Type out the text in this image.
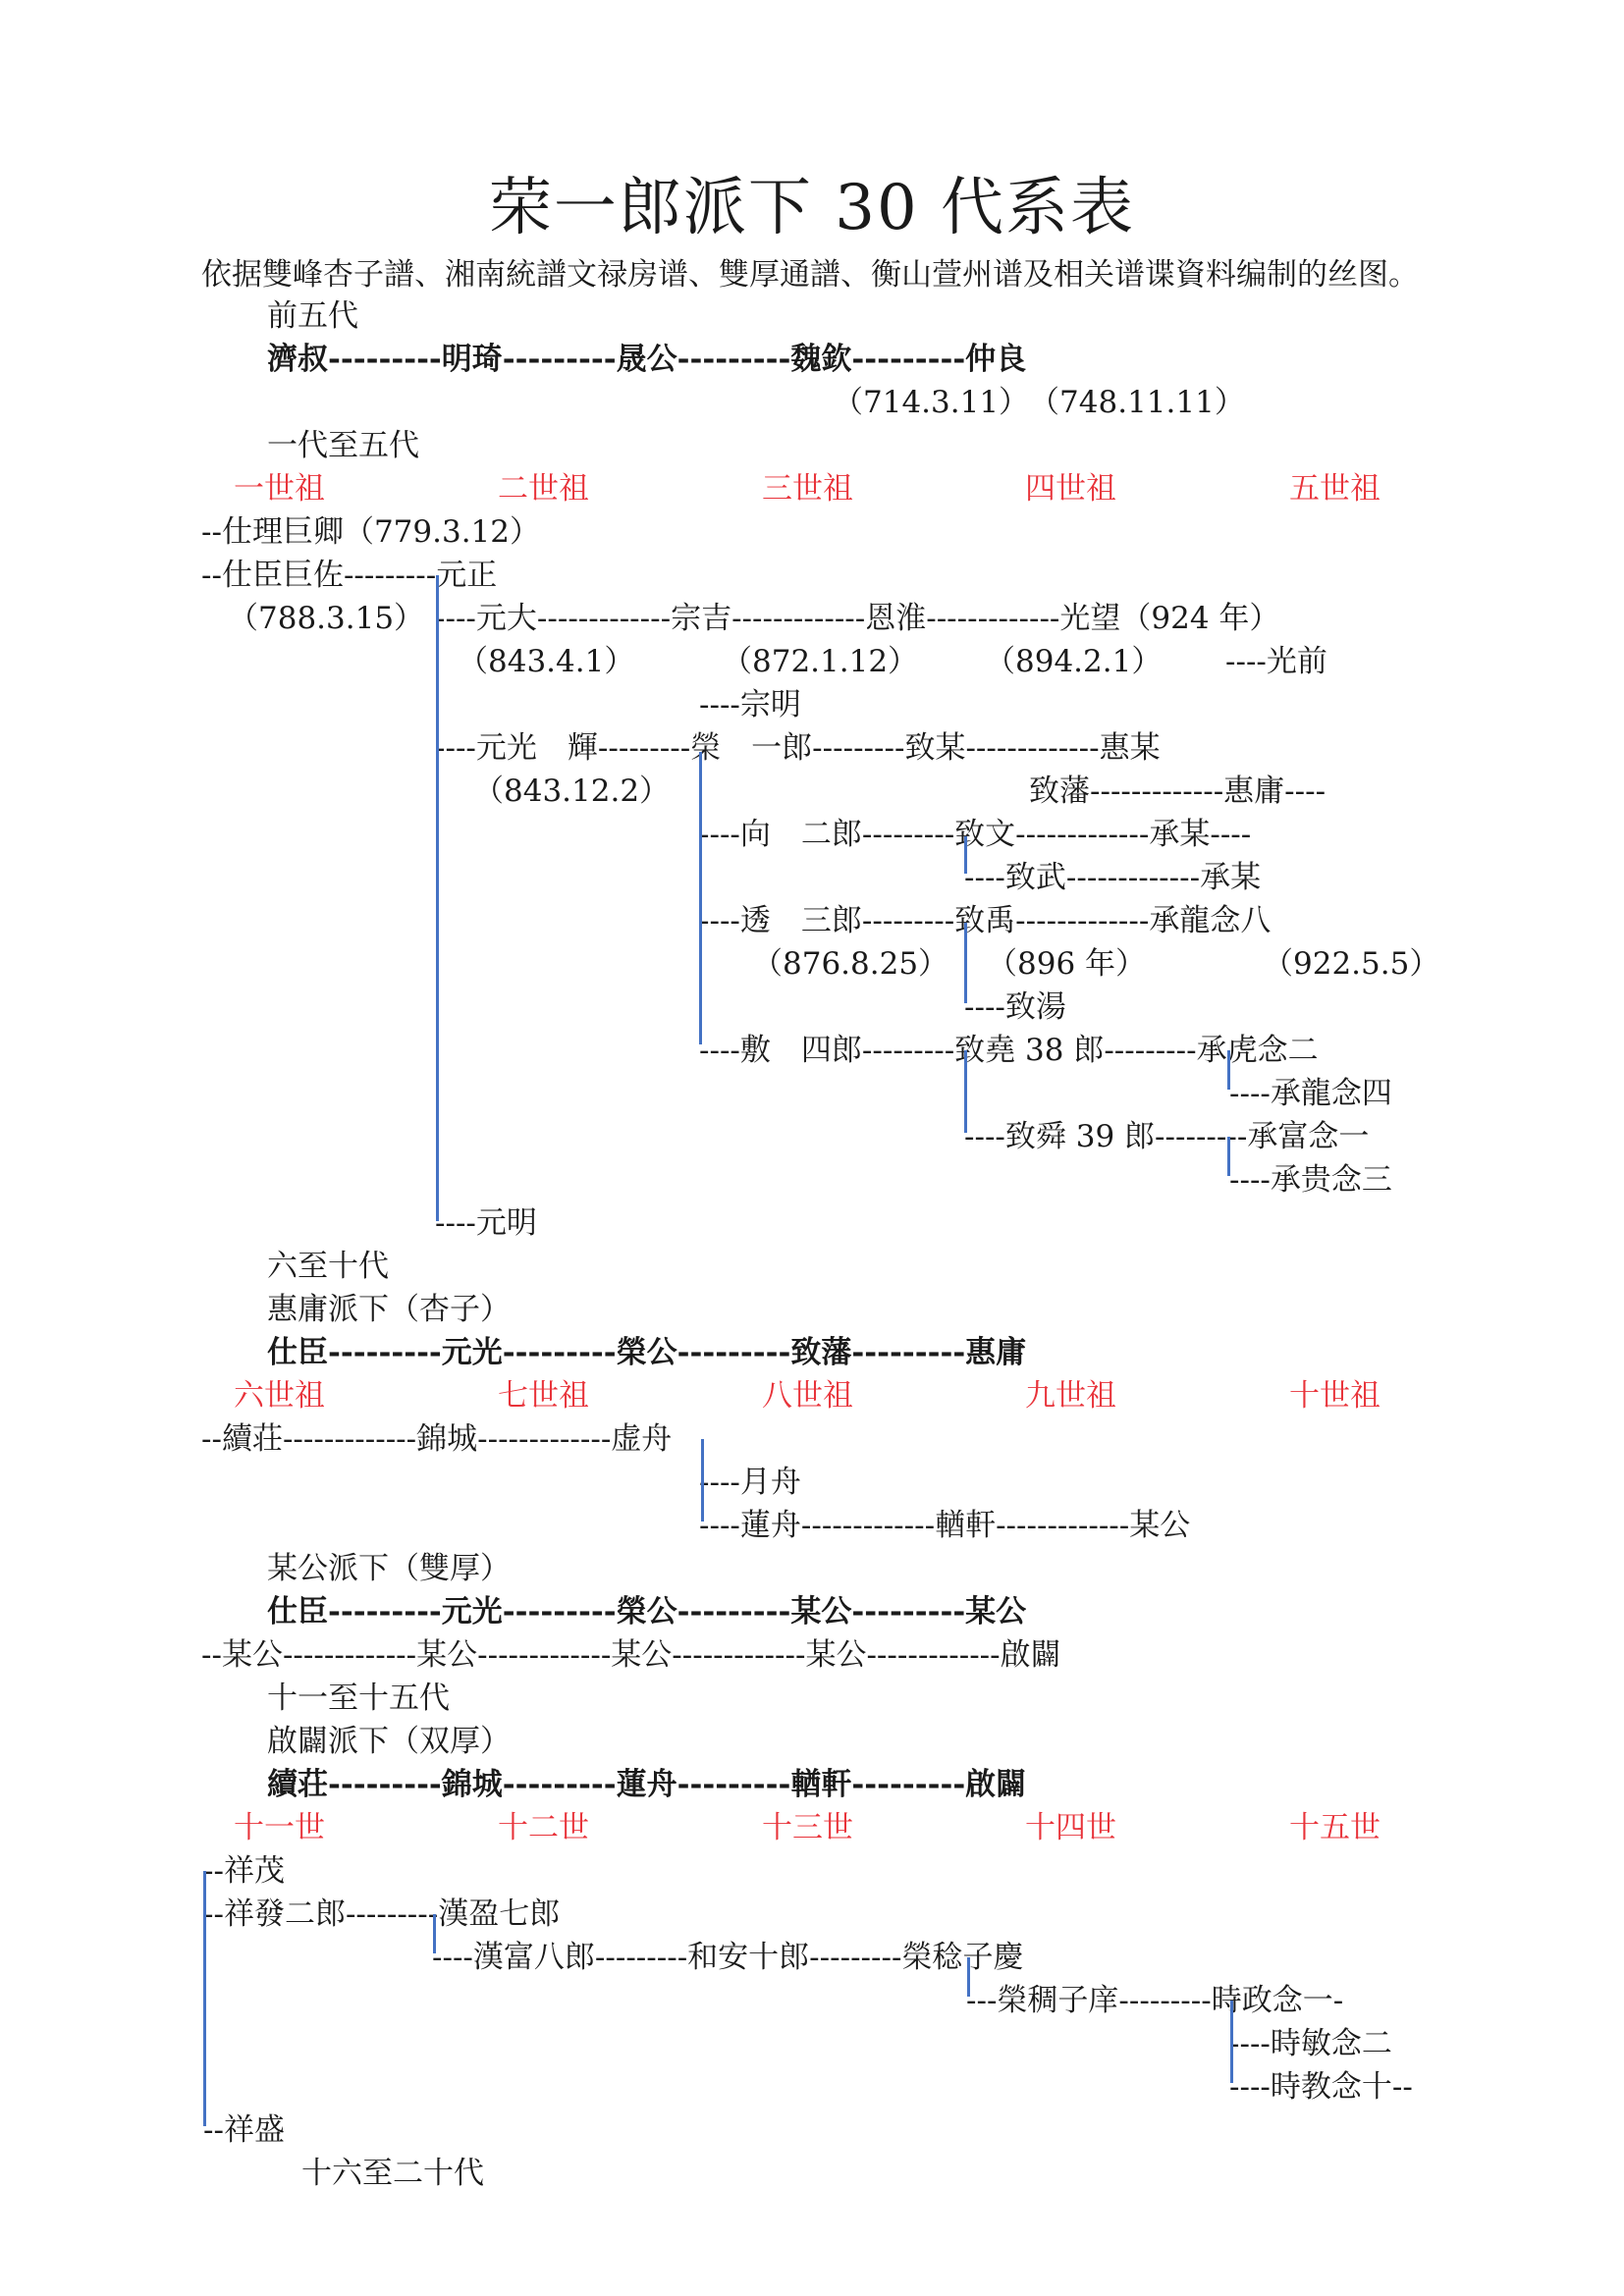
荣一郎派下 30 代系表
依据雙峰杏子譜、湘南統譜文禄房谱、雙厚通譜、衡山萱州谱及相关谱谍資料编制的丝图。
前五代
濟叔---------明琦---------晟公---------魏欽---------仲良
（714.3.11）　（748.11.11）
一代至五代
一世祖	二世祖	三世祖	四世祖	五世祖
--仕理巨卿（779.3.12）
--仕臣巨佐---------元正
（788.3.15） ----元大-------------宗吉-------------恩淮-------------光望（924 年）
（843.4.1）	（872.1.12） （894.2.1） ----光前
----宗明
----元光　輝---------榮　一郎---------致某-------------惠某
致藩-------------惠庸----
（843.12.2）
----向　二郎---------致文-------------承某----
----致武-------------承某
----透　三郎---------致禹-------------承龍念八
（876.8.25） （896 年）	（922.5.5）
----致湯
----敷　四郎---------致堯 38 郎---------承虎念二
----承龍念四
----致舜 39 郎---------承富念一
----承贵念三
----元明
六至十代
惠庸派下（杏子）
仕臣---------元光---------榮公---------致藩---------惠庸
六世祖	七世祖	八世祖	九世祖	十世祖
--續荘-------------錦城-------------虚舟
----月舟
----蓮舟-------------輶軒-------------某公
某公派下（雙厚）
仕臣---------元光---------榮公---------某公---------某公
--某公-------------某公-------------某公-------------某公-------------啟闢
十一至十五代
啟闢派下（双厚）
續荘---------錦城---------蓮舟---------輶軒---------啟闢
十一世	十二世	十三世	十四世	十五世
--祥茂
--祥發二郎---------漢盈七郎
----漢富八郎---------和安十郎---------榮稔子慶
---榮稠子庠---------時政念一-
----時敏念二
----時教念十--
--祥盛
十六至二十代
